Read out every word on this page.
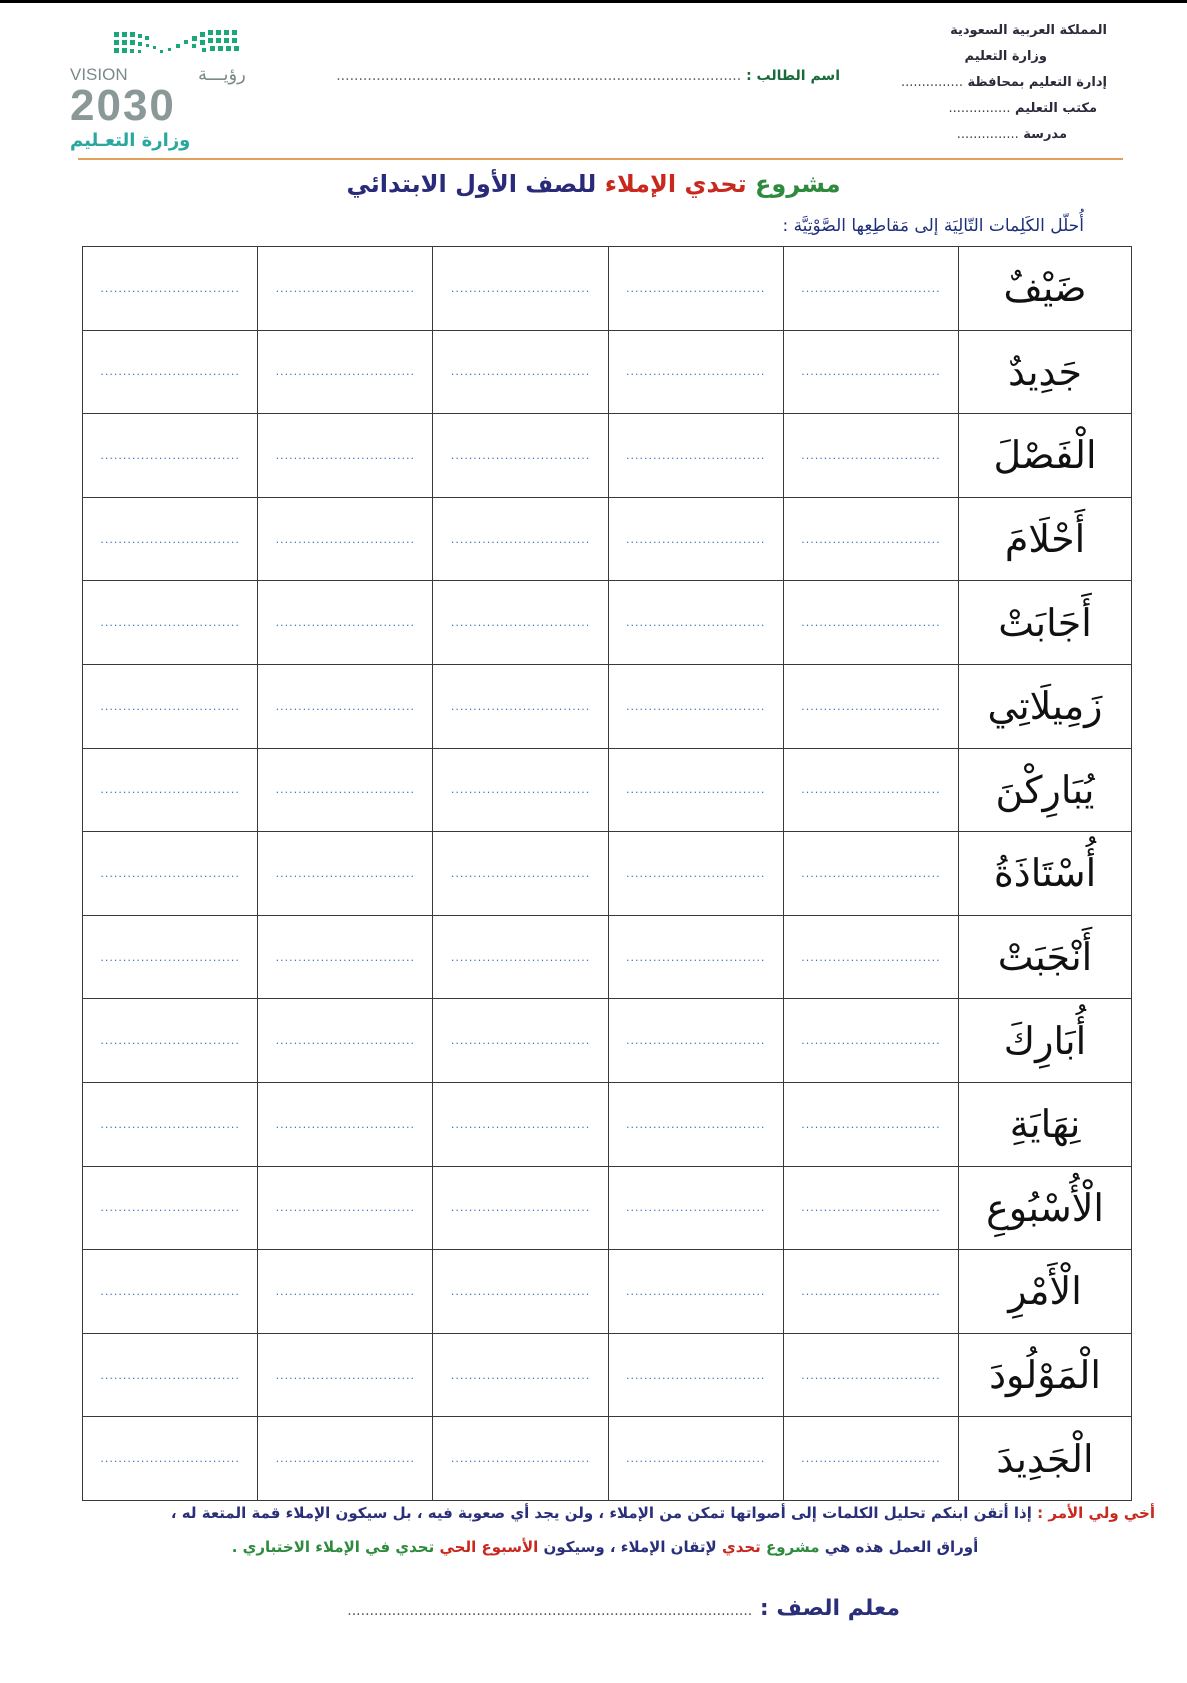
المملكة العربية السعودية
وزارة التعليم
إدارة التعليم بمحافظة ...............
مكتب التعليم ...............
مدرسة ...............
اسم الطالب : ...........................................................................................
VISION	رؤيـــة
2030
وزارة التعـليم
مشروع تحدي الإملاء للصف الأول الابتدائي
أُحلّل الكَلِمات التّالِيَة إلى مَقاطِعِها الصَّوْتِيَّة :
ضَيْفٌ	...............................	...............................	...............................	...............................	...............................
جَدِيدٌ	...............................	...............................	...............................	...............................	...............................
الْفَصْلَ	...............................	...............................	...............................	...............................	...............................
أَحْلَامَ	...............................	...............................	...............................	...............................	...............................
أَجَابَتْ	...............................	...............................	...............................	...............................	...............................
زَمِيلَاتِي	...............................	...............................	...............................	...............................	...............................
يُبَارِكْنَ	...............................	...............................	...............................	...............................	...............................
أُسْتَاذَةُ	...............................	...............................	...............................	...............................	...............................
أَنْجَبَتْ	...............................	...............................	...............................	...............................	...............................
أُبَارِكَ	...............................	...............................	...............................	...............................	...............................
نِهَايَةِ	...............................	...............................	...............................	...............................	...............................
الْأُسْبُوعِ	...............................	...............................	...............................	...............................	...............................
الْأَمْرِ	...............................	...............................	...............................	...............................	...............................
الْمَوْلُودَ	...............................	...............................	...............................	...............................	...............................
الْجَدِيدَ	...............................	...............................	...............................	...............................	...............................
أخي ولي الأمر : إذا أتقن ابنكم تحليل الكلمات إلى أصواتها تمكن من الإملاء ، ولن يجد أي صعوبة فيه ، بل سيكون الإملاء قمة المتعة له ،
أوراق العمل هذه هي مشروع تحدي لإتقان الإملاء ، وسيكون الأسبوع الحي تحدي في الإملاء الاختباري .
معلم الصف : ...........................................................................................
